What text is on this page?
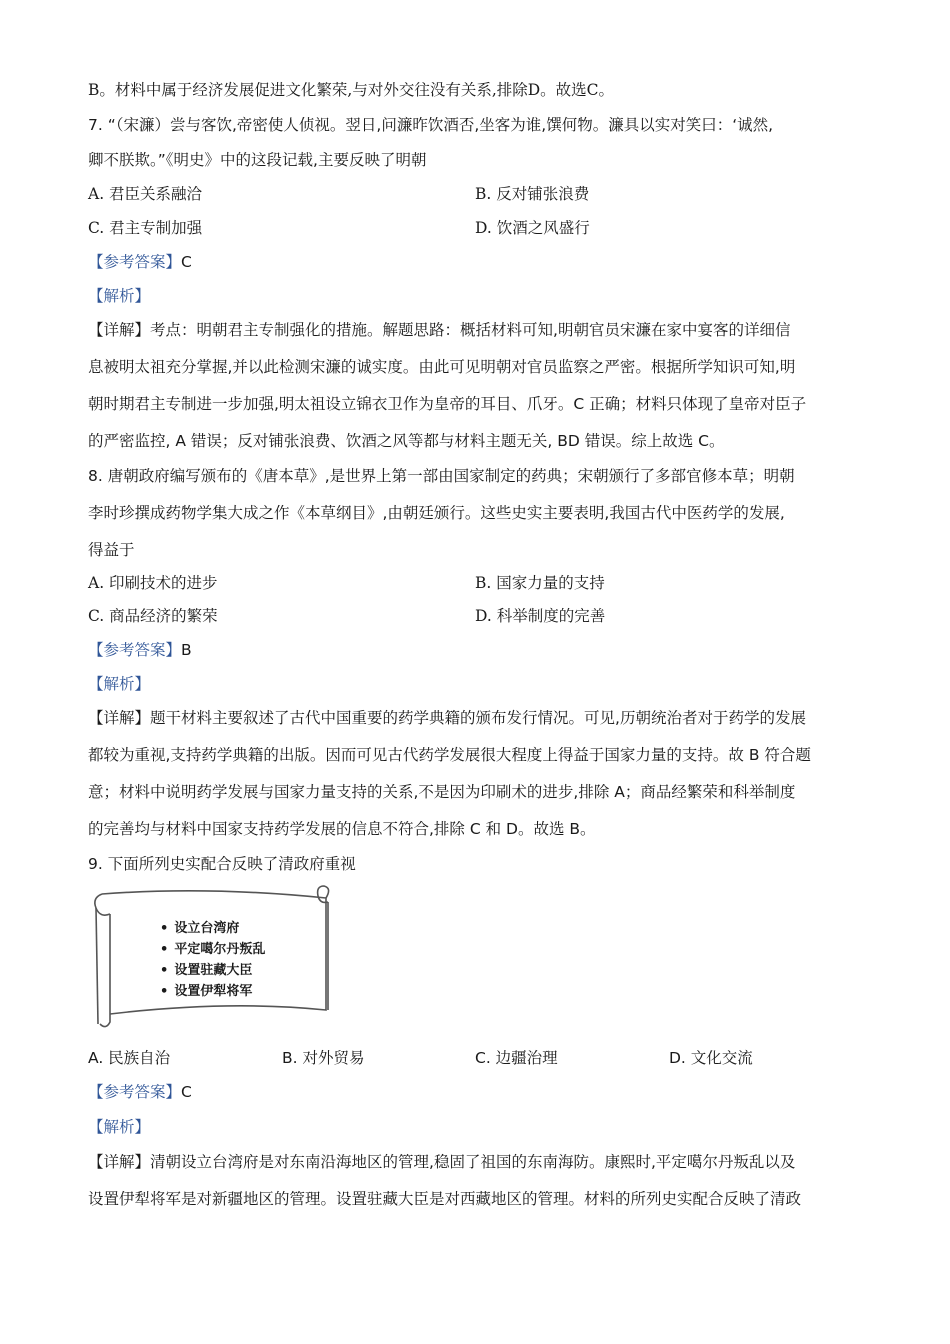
B。材料中属于经济发展促进文化繁荣,与对外交往没有关系,排除D。故选C。
7. “（宋濂）尝与客饮,帝密使人侦视。翌日,问濂昨饮酒否,坐客为谁,馔何物。濂具以实对笑曰：‘诚然,
卿不朕欺。”《明史》中的这段记载,主要反映了明朝
A. 君臣关系融洽	B. 反对铺张浪费
C. 君主专制加强	D. 饮酒之风盛行
【参考答案】C
【解析】
【详解】考点：明朝君主专制强化的措施。解题思路：概括材料可知,明朝官员宋濂在家中宴客的详细信
息被明太祖充分掌握,并以此检测宋濂的诚实度。由此可见明朝对官员监察之严密。根据所学知识可知,明
朝时期君主专制进一步加强,明太祖设立锦衣卫作为皇帝的耳目、爪牙。C 正确；材料只体现了皇帝对臣子
的严密监控, A 错误；反对铺张浪费、饮酒之风等都与材料主题无关, BD 错误。综上故选 C。
8. 唐朝政府编写颁布的《唐本草》,是世界上第一部由国家制定的药典；宋朝颁行了多部官修本草；明朝
李时珍撰成药物学集大成之作《本草纲目》,由朝廷颁行。这些史实主要表明,我国古代中医药学的发展,
得益于
A. 印刷技术的进步	B. 国家力量的支持
C. 商品经济的繁荣	D. 科举制度的完善
【参考答案】B
【解析】
【详解】题干材料主要叙述了古代中国重要的药学典籍的颁布发行情况。可见,历朝统治者对于药学的发展
都较为重视,支持药学典籍的出版。因而可见古代药学发展很大程度上得益于国家力量的支持。故 B 符合题
意；材料中说明药学发展与国家力量支持的关系,不是因为印刷术的进步,排除 A；商品经繁荣和科举制度
的完善均与材料中国家支持药学发展的信息不符合,排除 C 和 D。故选 B。
9. 下面所列史实配合反映了清政府重视
• 设立台湾府
• 平定噶尔丹叛乱
• 设置驻藏大臣
• 设置伊犁将军
A. 民族自治	B. 对外贸易	C. 边疆治理	D. 文化交流
【参考答案】C
【解析】
【详解】清朝设立台湾府是对东南沿海地区的管理,稳固了祖国的东南海防。康熙时,平定噶尔丹叛乱以及
设置伊犁将军是对新疆地区的管理。设置驻藏大臣是对西藏地区的管理。材料的所列史实配合反映了清政
